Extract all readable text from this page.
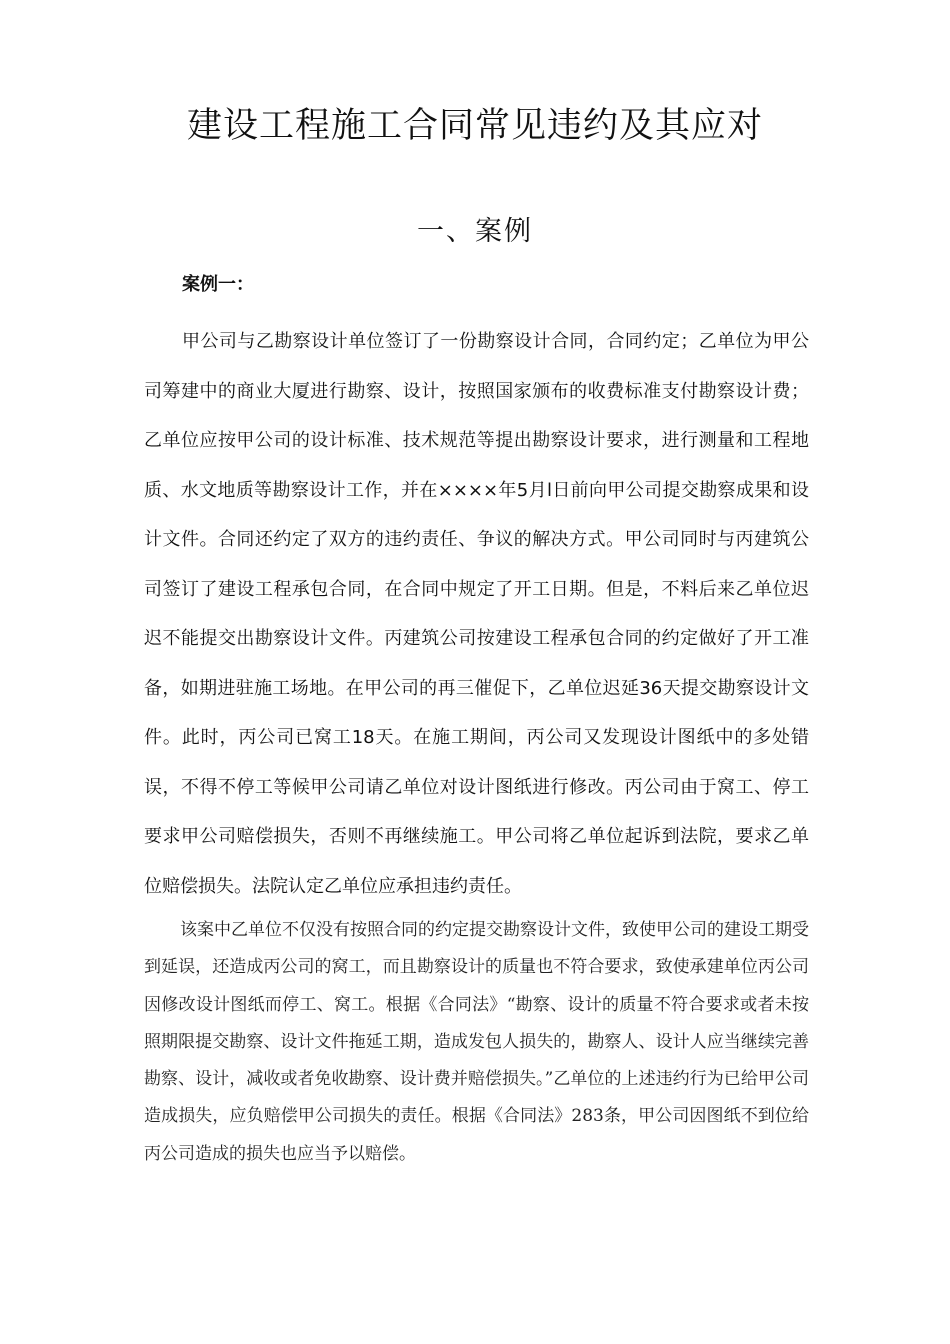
建设工程施工合同常见违约及其应对
一、案例
案例一：

甲公司与乙勘察设计单位签订了一份勘察设计合同，合同约定；乙单位为甲公司筹建中的商业大厦进行勘察、设计，按照国家颁布的收费标准支付勘察设计费；乙单位应按甲公司的设计标准、技术规范等提出勘察设计要求，进行测量和工程地质、水文地质等勘察设计工作，并在××××年5月l日前向甲公司提交勘察成果和设计文件。合同还约定了双方的违约责任、争议的解决方式。甲公司同时与丙建筑公司签订了建设工程承包合同，在合同中规定了开工日期。但是，不料后来乙单位迟迟不能提交出勘察设计文件。丙建筑公司按建设工程承包合同的约定做好了开工准备，如期进驻施工场地。在甲公司的再三催促下，乙单位迟延36天提交勘察设计文件。此时，丙公司已窝工18天。在施工期间，丙公司又发现设计图纸中的多处错误，不得不停工等候甲公司请乙单位对设计图纸进行修改。丙公司由于窝工、停工要求甲公司赔偿损失，否则不再继续施工。甲公司将乙单位起诉到法院，要求乙单位赔偿损失。法院认定乙单位应承担违约责任。

该案中乙单位不仅没有按照合同的约定提交勘察设计文件，致使甲公司的建设工期受到延误，还造成丙公司的窝工，而且勘察设计的质量也不符合要求，致使承建单位丙公司因修改设计图纸而停工、窝工。根据《合同法》“勘察、设计的质量不符合要求或者未按照期限提交勘察、设计文件拖延工期，造成发包人损失的，勘察人、设计人应当继续完善勘察、设计，减收或者免收勘察、设计费并赔偿损失。”乙单位的上述违约行为已给甲公司造成损失，应负赔偿甲公司损失的责任。根据《合同法》283条，甲公司因图纸不到位给丙公司造成的损失也应当予以赔偿。
